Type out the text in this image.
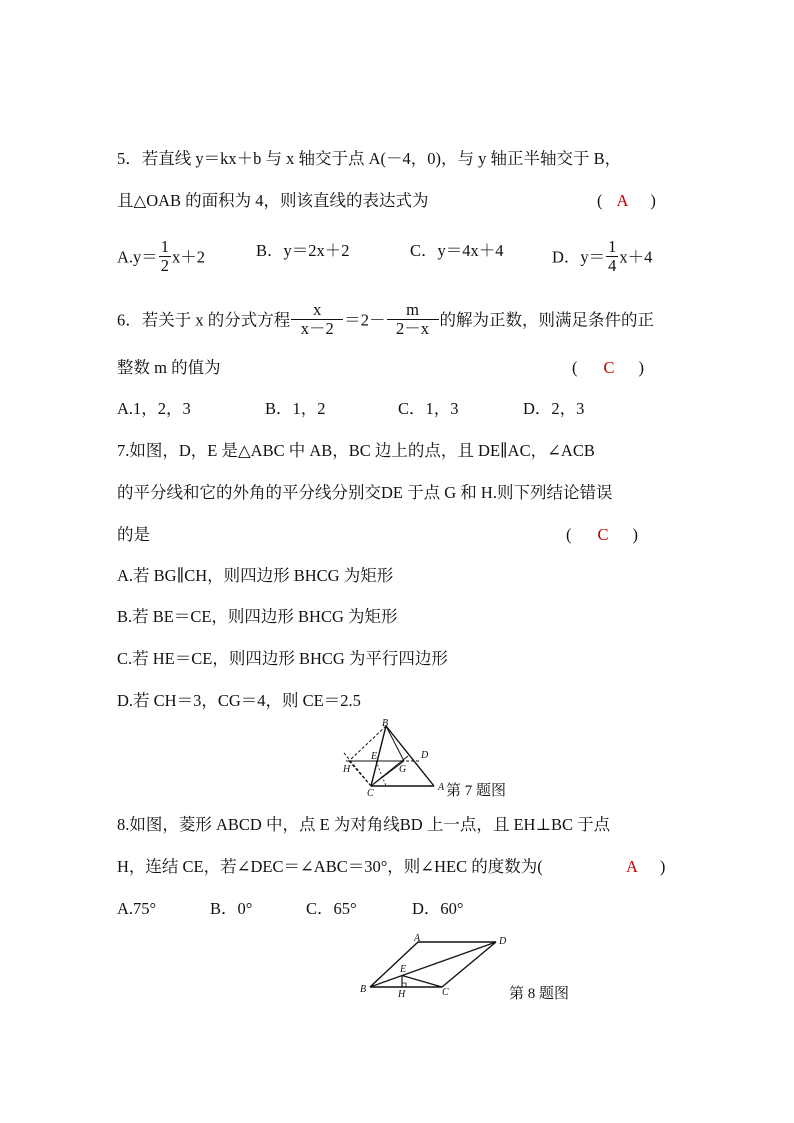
5．若直线 y＝kx＋b 与 x 轴交于点 A(－4，0)，与 y 轴正半轴交于 B，
且△OAB 的面积为 4，则该直线的表达式为	( A )
$A.y= \frac{1}{2} x+2$	B．y＝2x＋2	C．y＝4x＋4	D．$y= \frac{1}{4} x+4$
6．若关于 x 的分式方程 $\frac{x}{x-2} =2- \frac{m}{2-x}$ 的解为正数，则满足条件的正
整数 m 的值为	( C )
A.1，2，3	B．1，2	C．1，3	D．2，3
7.如图，D，E 是△ABC 中 AB，BC 边上的点，且 DE∥AC，∠ACB
的平分线和它的外角的平分线分别交DE 于点 G 和 H.则下列结论错误
的是	( C )
A.若 BG∥CH，则四边形 BHCG 为矩形
B.若 BE＝CE，则四边形 BHCG 为矩形
C.若 HE＝CE，则四边形 BHCG 为平行四边形
D.若 CH＝3，CG＝4，则 CE＝2.5
B
H
E
G
D
C
A 第 7 题图
8.如图，菱形 ABCD 中，点 E 为对角线BD 上一点，且 EH⊥BC 于点
H，连结 CE，若∠DEC＝∠ABC＝30°，则∠HEC 的度数为(	A )
A.75°	B．0°	C．65°	D．60°
A	D
E
B	H	C	第 8 题图
